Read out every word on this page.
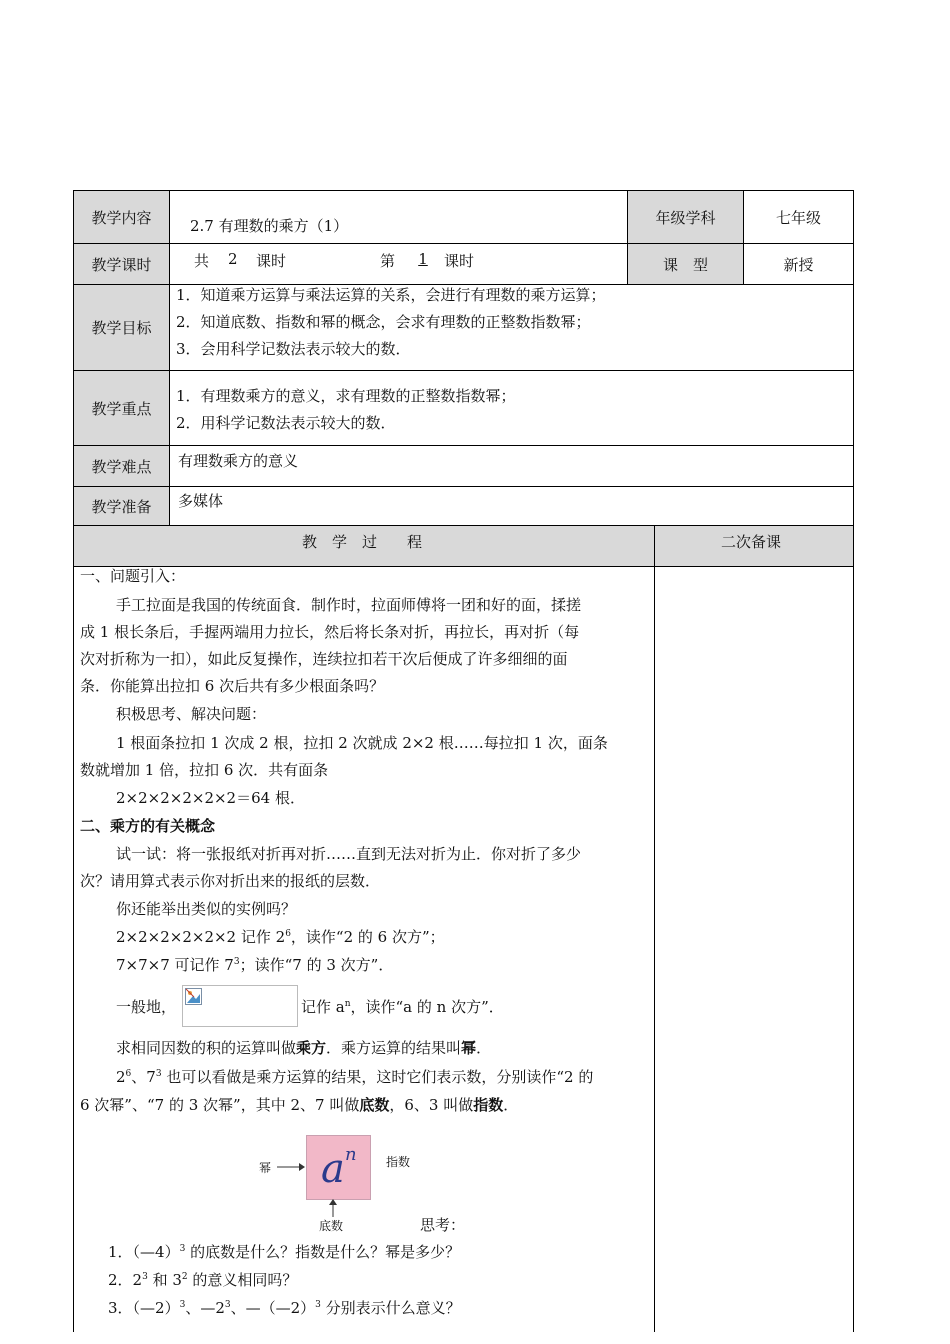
教学内容	2.7 有理数的乘方（1）	年级学科	七年级
教学课时	共 2 课时	第	1	课时	课　型	新授
教学目标
1．知道乘方运算与乘法运算的关系，会进行有理数的乘方运算；
2．知道底数、指数和幂的概念，会求有理数的正整数指数幂；
3．会用科学记数法表示较大的数．
教学重点
1．有理数乘方的意义，求有理数的正整数指数幂；
2．用科学记数法表示较大的数．
教学难点 有理数乘方的意义
教学准备 多媒体
教　学　过　　程	二次备课
一、问题引入：
手工拉面是我国的传统面食．制作时，拉面师傅将一团和好的面，揉搓
成 1 根长条后，手握两端用力拉长，然后将长条对折，再拉长，再对折（每
次对折称为一扣），如此反复操作，连续拉扣若干次后便成了许多细细的面
条．你能算出拉扣 6 次后共有多少根面条吗？
积极思考、解决问题：
1 根面条拉扣 1 次成 2 根，拉扣 2 次就成 2×2 根……每拉扣 1 次，面条
数就增加 1 倍，拉扣 6 次．共有面条
2×2×2×2×2×2＝64 根．
二、乘方的有关概念
试一试：将一张报纸对折再对折……直到无法对折为止．你对折了多少
次？请用算式表示你对折出来的报纸的层数．
你还能举出类似的实例吗？
2×2×2×2×2×2 记作 $2^6$，读作“2 的 6 次方”；
7×7×7 可记作 $7^3$；读作“7 的 3 次方”．
一般地，	记作 $a^n$，读作“a 的 n 次方”．
求相同因数的积的运算叫做乘方．乘方运算的结果叫幂．
$2^6$、$7^3$ 也可以看做是乘方运算的结果，这时它们表示数，分别读作“2 的
6 次幂”、“7 的 3 次幂”，其中 2、7 叫做底数，6、3 叫做指数．
幂 a n 指数
底数	思考：
1．（—4）$^3$ 的底数是什么？指数是什么？幂是多少？
2．$2^3$ 和 $3^2$ 的意义相同吗？
3．（—2）$^3$、$—2^3$、—（—2）$^3$ 分别表示什么意义？
